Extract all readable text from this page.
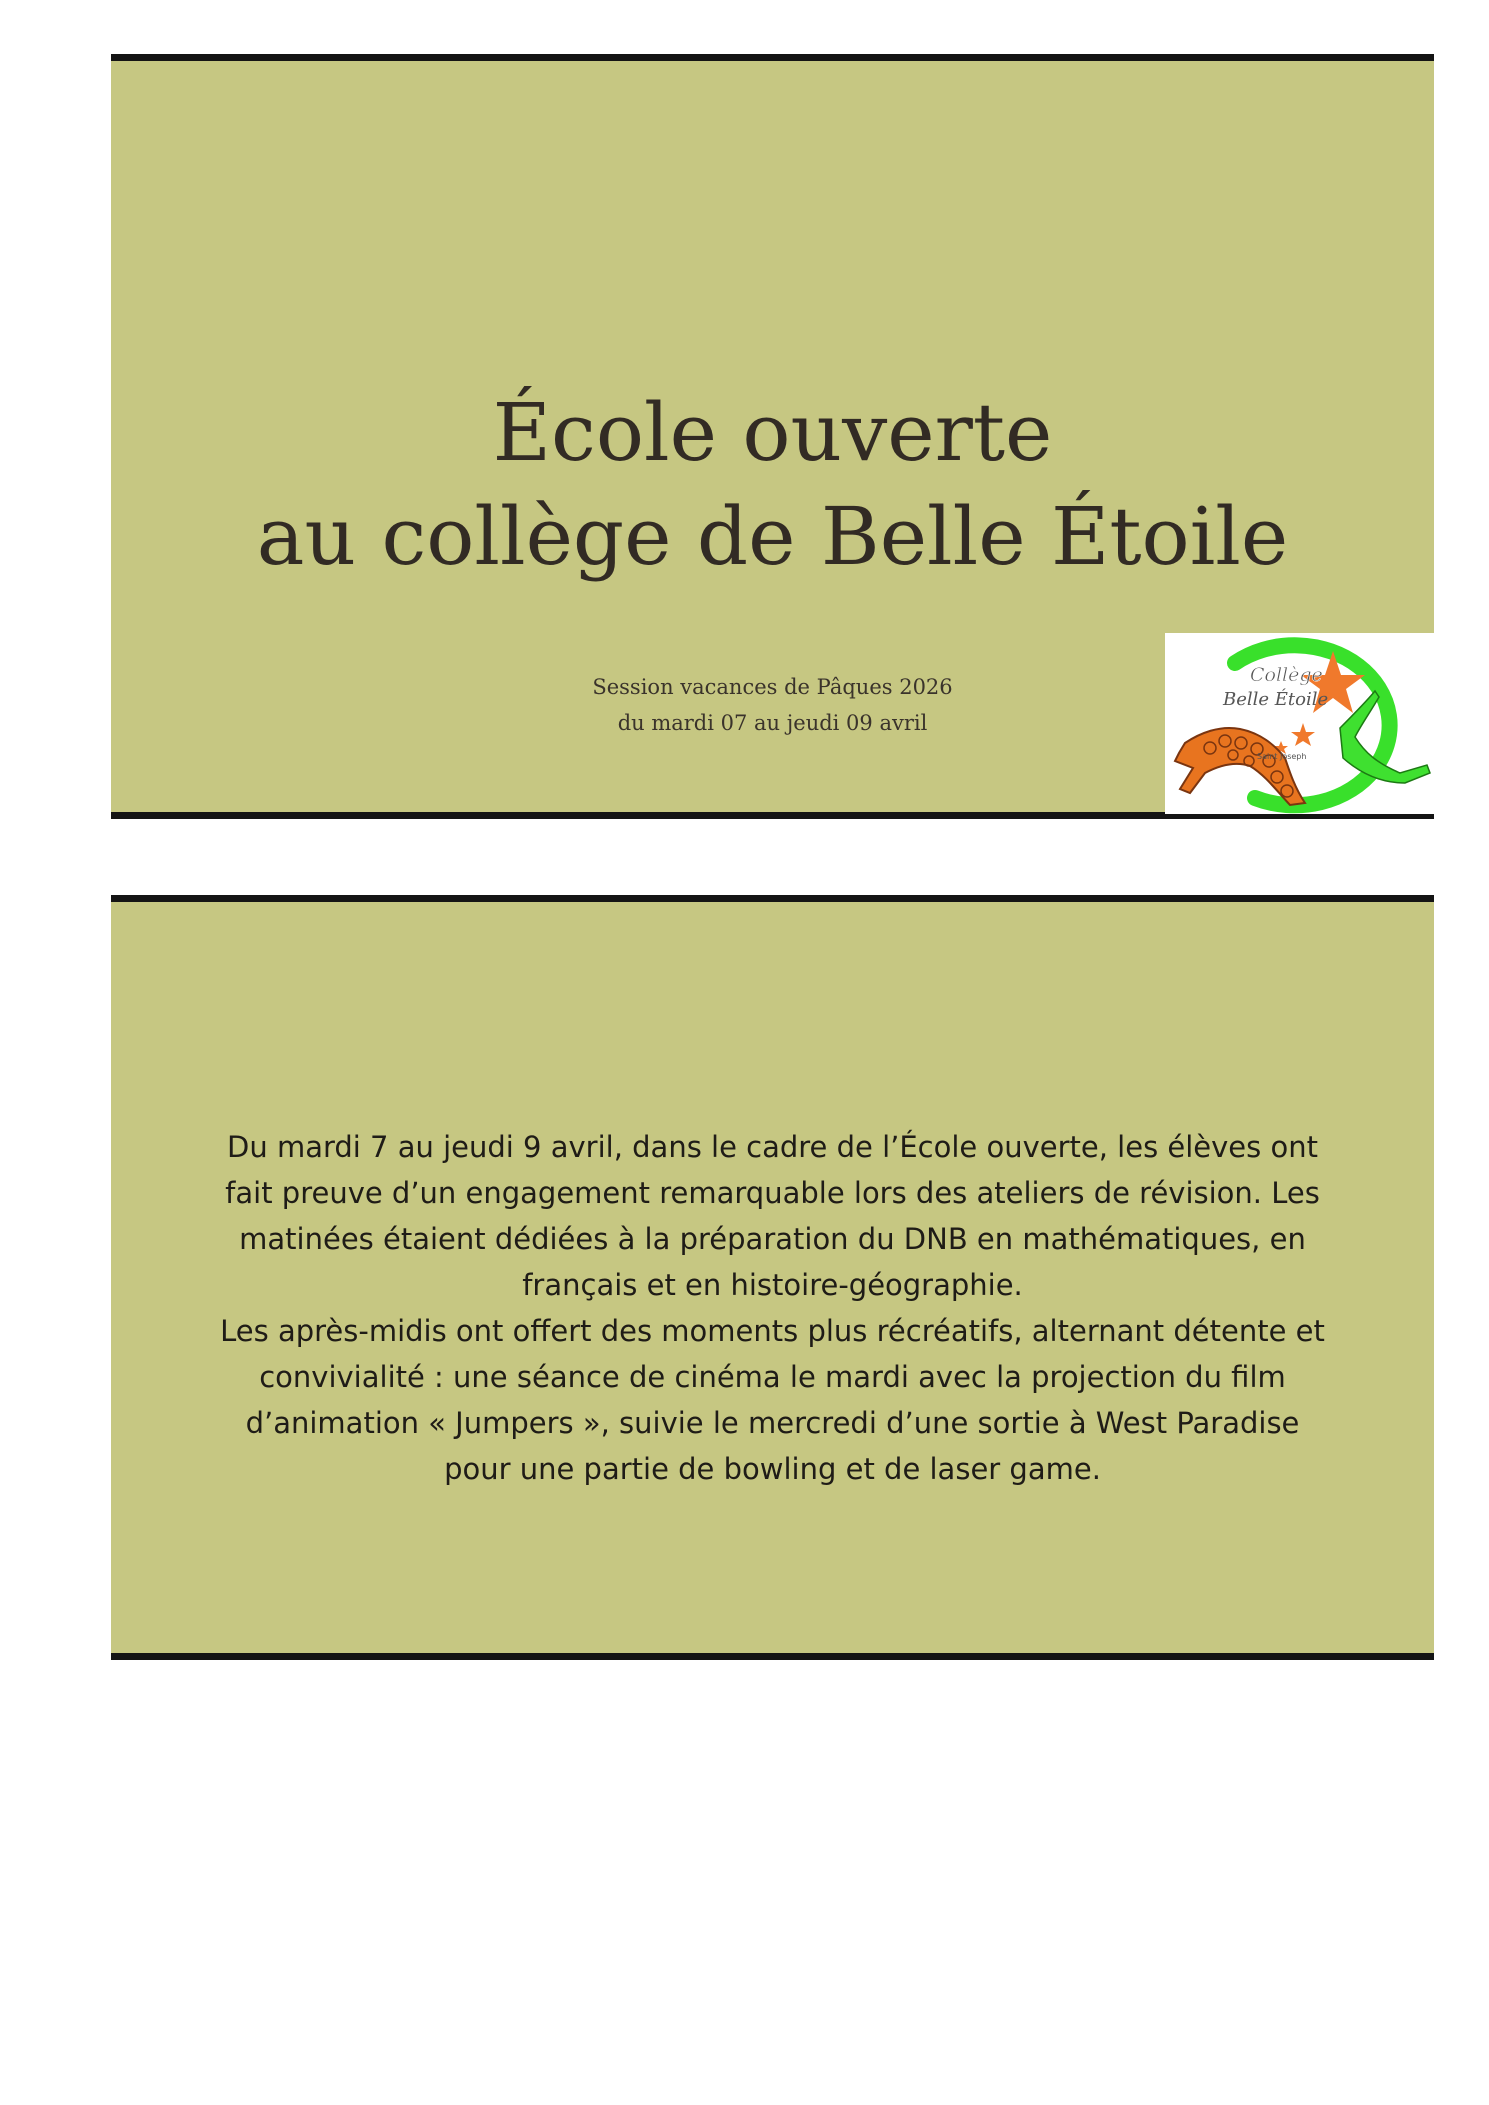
École ouverte
au collège de Belle Étoile
Session vacances de Pâques 2026
du mardi 07 au jeudi 09 avril
Collège
Belle Étoile
Saint Joseph
Du mardi 7 au jeudi 9 avril, dans le cadre de l’École ouverte, les élèves ont
fait preuve d’un engagement remarquable lors des ateliers de révision. Les
matinées étaient dédiées à la préparation du DNB en mathématiques, en
français et en histoire-géographie.
Les après-midis ont offert des moments plus récréatifs, alternant détente et
convivialité : une séance de cinéma le mardi avec la projection du film
d’animation « Jumpers », suivie le mercredi d’une sortie à West Paradise
pour une partie de bowling et de laser game.
